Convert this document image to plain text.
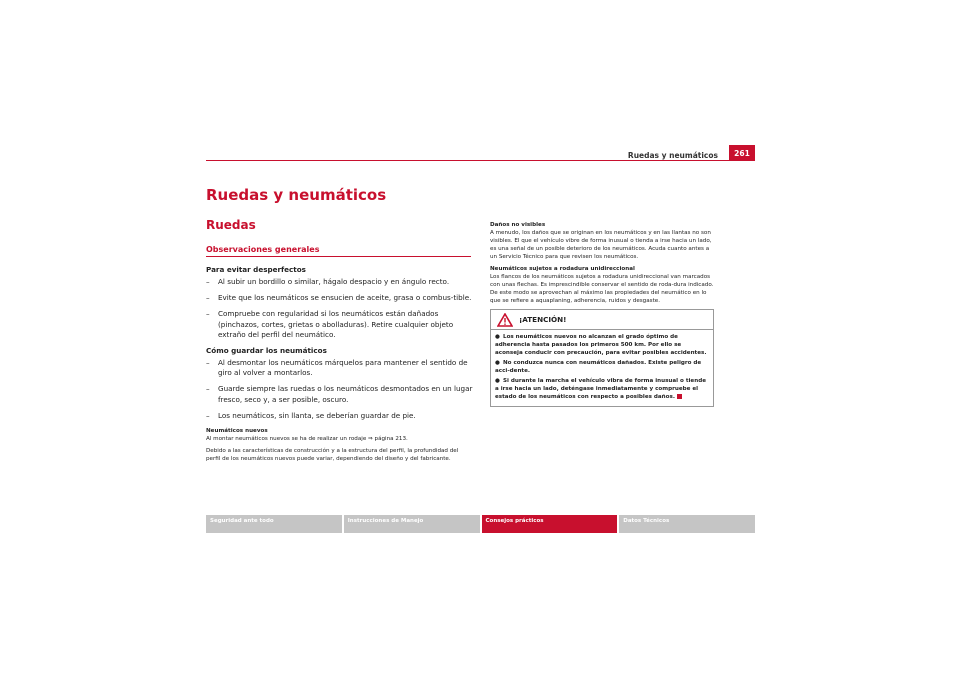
Ruedas y neumáticos	261
Ruedas y neumáticos
Ruedas
Observaciones generales
Para evitar desperfectos
– Al subir un bordillo o similar, hágalo despacio y en ángulo recto.
– Evite que los neumáticos se ensucien de aceite, grasa o combus-tible.
– Compruebe con regularidad si los neumáticos están dañados (pinchazos, cortes, grietas o abolladuras). Retire cualquier objeto extraño del perfil del neumático.
Cómo guardar los neumáticos
– Al desmontar los neumáticos márquelos para mantener el sentido de giro al volver a montarlos.
– Guarde siempre las ruedas o los neumáticos desmontados en un lugar fresco, seco y, a ser posible, oscuro.
– Los neumáticos, sin llanta, se deberían guardar de pie.
Neumáticos nuevos
Al montar neumáticos nuevos se ha de realizar un rodaje ⇒ página 213.
Debido a las características de construcción y a la estructura del perfil, la profundidad del perfil de los neumáticos nuevos puede variar, dependiendo del diseño y del fabricante.
Daños no visibles
A menudo, los daños que se originan en los neumáticos y en las llantas no son visibles. El que el vehículo vibre de forma inusual o tienda a irse hacia un lado, es una señal de un posible deterioro de los neumáticos. Acuda cuanto antes a un Servicio Técnico para que revisen los neumáticos.
Neumáticos sujetos a rodadura unidireccional
Los flancos de los neumáticos sujetos a rodadura unidireccional van marcados con unas flechas. Es imprescindible conservar el sentido de roda-dura indicado. De este modo se aprovechan al máximo las propiedades del neumático en lo que se refiere a aquaplaning, adherencia, ruidos y desgaste.
¡ATENCIÓN!
● Los neumáticos nuevos no alcanzan el grado óptimo de adherencia hasta pasados los primeros 500 km. Por ello se aconseja conducir con precaución, para evitar posibles accidentes.
● No conduzca nunca con neumáticos dañados. Existe peligro de acci-dente.
● Si durante la marcha el vehículo vibra de forma inusual o tiende a irse hacia un lado, deténgase inmediatamente y compruebe el estado de los neumáticos con respecto a posibles daños.
Seguridad ante todo	Instrucciones de Manejo	Consejos prácticos	Datos Técnicos
